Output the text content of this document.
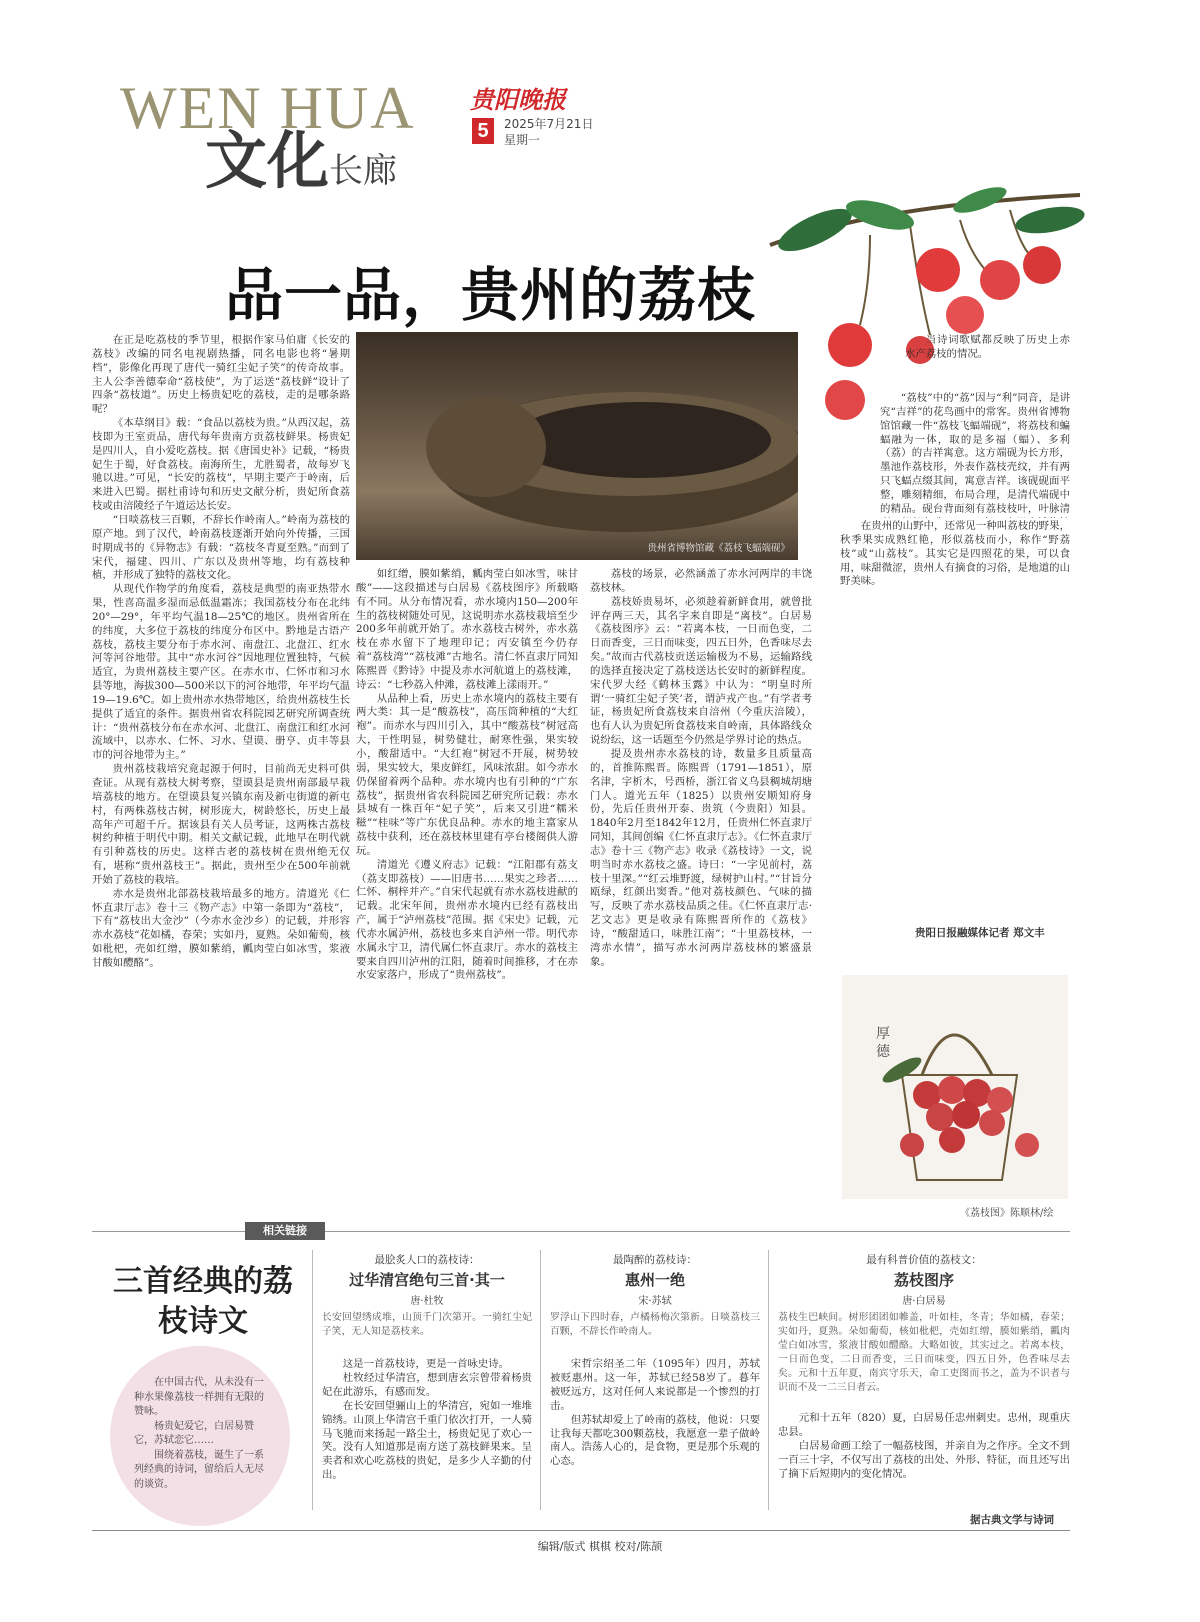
WEN HUA
文化长廊
贵阳晚报
5	2025年7月21日
星期一
品一品，贵州的荔枝
贵州省博物馆藏《荔枝飞蝠端砚》

在正是吃荔枝的季节里，根据作家马伯庸《长安的荔枝》改编的同名电视剧热播，同名电影也将“暑期档”，影像化再现了唐代一骑红尘妃子笑”的传奇故事。主人公李善德奉命“荔枝使”，为了运送“荔枝鲜”设计了四条“荔枝道”。历史上杨贵妃吃的荔枝，走的是哪条路呢？

《本草纲目》载：“食品以荔枝为贵。”从西汉起，荔枝即为王室贡品，唐代每年贵南方贡荔枝鲜果。杨贵妃是四川人，自小爱吃荔枝。据《唐国史补》记载，“杨贵妃生于蜀，好食荔枝。南海所生，尤胜蜀者，故每岁飞驰以进。”可见，“长安的荔枝”，早期主要产于岭南，后来进入巴蜀。据杜甫诗句和历史文献分析，贵妃所食荔枝或由涪陵经子午道运达长安。

“日啖荔枝三百颗，不辞长作岭南人。”岭南为荔枝的原产地。到了汉代，岭南荔枝逐渐开始向外传播，三国时期成书的《异物志》有载：“荔枝冬青夏至熟。”而到了宋代，福建、四川、广东以及贵州等地，均有荔枝种植，并形成了独特的荔枝文化。

从现代作物学的角度看，荔枝是典型的南亚热带水果，性喜高温多湿而忌低温霜冻；我国荔枝分布在北纬20°—29°，年平均气温18—25℃的地区。贵州省所在的纬度，大多位于荔枝的纬度分布区中。黔地是古语产荔枝，荔枝主要分布于赤水河、南盘江、北盘江、红水河等河谷地带。其中“赤水河谷”因地理位置独特，气候适宜，为贵州荔枝主要产区。在赤水市、仁怀市和习水县等地，海拔300—500米以下的河谷地带，年平均气温19—19.6℃。如上贵州赤水热带地区，给贵州荔枝生长提供了适宜的条件。据贵州省农科院园艺研究所调查统计：“贵州荔枝分布在赤水河、北盘江、南盘江和红水河流域中，以赤水、仁怀、习水、望谟、册亨、贞丰等县市的河谷地带为主。”

贵州荔枝栽培究竟起源于何时，目前尚无史料可供查证。从现有荔枝大树考察，望谟县是贵州南部最早栽培荔枝的地方。在望谟县复兴镇东南及新屯街道的新屯村，有两株荔枝古树，树形庞大，树龄悠长，历史上最高年产可超千斤。据该县有关人员考证，这两株古荔枝树约种植于明代中期。相关文献记载，此地早在明代就有引种荔枝的历史。这样古老的荔枝树在贵州绝无仅有，堪称“贵州荔枝王”。据此，贵州至少在500年前就开始了荔枝的栽培。

赤水是贵州北部荔枝栽培最多的地方。清道光《仁怀直隶厅志》卷十三《物产志》中第一条即为“荔枝”，下有“荔枝出大金沙”（今赤水金沙乡）的记载，并形容赤水荔枝“花如橘，春荣；实如丹，夏熟。朵如葡萄，核如枇杷，壳如红缯，膜如紫绡，瓤肉莹白如冰雪，浆液甘酸如醴酪”。

如红缯，膜如紫绡，瓤肉莹白如冰雪，味甘酸”——这段描述与白居易《荔枝图序》所载略有不同。从分布情况看，赤水境内150—200年生的荔枝树随处可见，这说明赤水荔枝栽培至少200多年前就开始了。赤水荔枝古树外，赤水荔枝在赤水留下了地理印记；丙安镇至今仍存着“荔枝湾”“荔枝滩”古地名。清仁怀直隶厅同知陈熙晋《黔诗》中提及赤水河航道上的荔枝滩，诗云：“七秒荔入仲滩，荔枝滩上漾雨开。”

从品种上看，历史上赤水境内的荔枝主要有两大类：其一是“酸荔枝”，高压筒种植的“大红袍”。而赤水与四川引入，其中“酸荔枝”树冠高大，干性明显，树势健壮，耐寒性强，果实较小，酸甜适中。“大红袍”树冠不开展，树势较弱，果实较大，果皮鲜红，风味浓甜。如今赤水仍保留着两个品种。赤水境内也有引种的“广东荔枝”，据贵州省农科院园艺研究所记载：赤水县城有一株百年“妃子笑”，后来又引进“糯米糍”“桂味”等广东优良品种。赤水的地主富家从荔枝中获利，还在荔枝林里建有亭台楼阁供人游玩。

清道光《遵义府志》记载：“江阳郡有荔支（荔支即荔枝）——旧唐书……果实之珍者……仁怀、桐梓并产。”自宋代起就有赤水荔枝进献的记载。北宋年间，贵州赤水境内已经有荔枝出产，属于“泸州荔枝”范围。据《宋史》记载，元代赤水属泸州，荔枝也多来自泸州一带。明代赤水属永宁卫，清代属仁怀直隶厅。赤水的荔枝主要来自四川泸州的江阳，随着时间推移，才在赤水安家落户，形成了“贵州荔枝”。

荔枝的场景，必然涵盖了赤水河两岸的丰饶荔枝林。

荔枝娇贵易坏，必须趁着新鲜食用，就曾批评存两三天，其名字来自即是“离枝”。白居易《荔枝图序》云：“若离本枝，一日而色变，二日而香变，三日而味变，四五日外，色香味尽去矣。”故而古代荔枝贡送运输极为不易，运输路线的选择直接决定了荔枝送达长安时的新鲜程度。宋代罗大经《鹤林玉露》中认为：“明皇时所谓‘一骑红尘妃子笑’者，谓泸戎产也。”有学者考证，杨贵妃所食荔枝来自涪州（今重庆涪陵），也有人认为贵妃所食荔枝来自岭南，具体路线众说纷纭，这一话题至今仍然是学界讨论的热点。

提及贵州赤水荔枝的诗，数量多且质量高的，首推陈熙晋。陈熙晋（1791—1851），原名津，字析木，号西桥，浙江省义乌县稠城胡塘门人。道光五年（1825）以贵州安顺知府身份，先后任贵州开泰、贵筑（今贵阳）知县。1840年2月至1842年12月，任贵州仁怀直隶厅同知，其间创编《仁怀直隶厅志》。《仁怀直隶厅志》卷十三《物产志》收录《荔枝诗》一文，说明当时赤水荔枝之盛。诗曰：“一字见前村，荔枝十里深。”“红云堆野渡，绿树护山村。”“甘旨分瓯绿，红颜出窦香。”他对荔枝颜色、气味的描写，反映了赤水荔枝品质之佳。《仁怀直隶厅志·艺文志》更是收录有陈熙晋所作的《荔枝》诗，“酸甜适口，味胜江南”；“十里荔枝林，一湾赤水情”，描写赤水河两岸荔枝林的繁盛景象。

当诗词歌赋都反映了历史上赤水产荔枝的情况。

“荔枝”中的“荔”因与“利”同音，是讲究“吉祥”的花鸟画中的常客。贵州省博物馆馆藏一件“荔枝飞蝠端砚”，将荔枝和蝙蝠融为一体，取的是多福（蝠）、多利（荔）的吉祥寓意。这方端砚为长方形，墨池作荔枝形，外表作荔枝壳纹，并有两只飞蝠点缀其间，寓意吉祥。该砚砚面平整，雕刻精细，布局合理，是清代端砚中的精品。砚台背面刻有荔枝枝叶，叶脉清

在贵州的山野中，还常见一种叫荔枝的野果，秋季果实成熟红艳，形似荔枝而小，称作“野荔枝”或“山荔枝”。其实它是四照花的果，可以食用，味甜微涩，贵州人有摘食的习俗，是地道的山野美味。

贵阳日报融媒体记者 郑文丰
厚德
《荔枝图》陈顺林/绘
相关链接
三首经典的荔枝诗文

在中国古代，从未没有一种水果像荔枝一样拥有无限的赞咏。

杨贵妃爱它，白居易赞它，苏轼恋它……

围绕着荔枝，诞生了一系列经典的诗词，留给后人无尽的谈资。

最脍炙人口的荔枝诗：
过华清宫绝句三首·其一
唐·杜牧
长安回望绣成堆，山顶千门次第开。一骑红尘妃子笑，无人知是荔枝来。

这是一首荔枝诗，更是一首咏史诗。

杜牧经过华清宫，想到唐玄宗曾带着杨贵妃在此游乐，有感而发。

在长安回望骊山上的华清宫，宛如一堆堆锦绣。山顶上华清宫千重门依次打开，一人骑马飞驰而来扬起一路尘土，杨贵妃见了欢心一笑。没有人知道那是南方送了荔枝鲜果来。呈卖者和欢心吃荔枝的贵妃，是多少人辛勤的付出。

最陶醉的荔枝诗：
惠州一绝
宋·苏轼
罗浮山下四时春，卢橘杨梅次第新。日啖荔枝三百颗，不辞长作岭南人。

宋哲宗绍圣二年（1095年）四月，苏轼被贬惠州。这一年，苏轼已经58岁了。暮年被贬远方，这对任何人来说都是一个惨烈的打击。

但苏轼却爱上了岭南的荔枝，他说：只要让我每天都吃300颗荔枝，我愿意一辈子做岭南人。浩荡人心的，是食物，更是那个乐观的心态。

最有科普价值的荔枝文：
荔枝图序
唐·白居易
荔枝生巴峡间。树形团团如帷盖，叶如桂，冬青；华如橘，春荣；实如丹，夏熟。朵如葡萄，核如枇杷，壳如红缯，膜如紫绡，瓤肉莹白如冰雪，浆液甘酸如醴酪。大略如彼，其实过之。若离本枝，一日而色变，二日而香变，三日而味变，四五日外，色香味尽去矣。元和十五年夏，南宾守乐天，命工吏图而书之，盖为不识者与识而不及一二三日者云。

元和十五年（820）夏，白居易任忠州刺史。忠州，现重庆忠县。

白居易命画工绘了一幅荔枝图，并亲自为之作序。全文不到一百三十字，不仅写出了荔枝的出处、外形、特征，而且还写出了摘下后短期内的变化情况。

据古典文学与诗词
编辑/版式 棋棋 校对/陈颉
